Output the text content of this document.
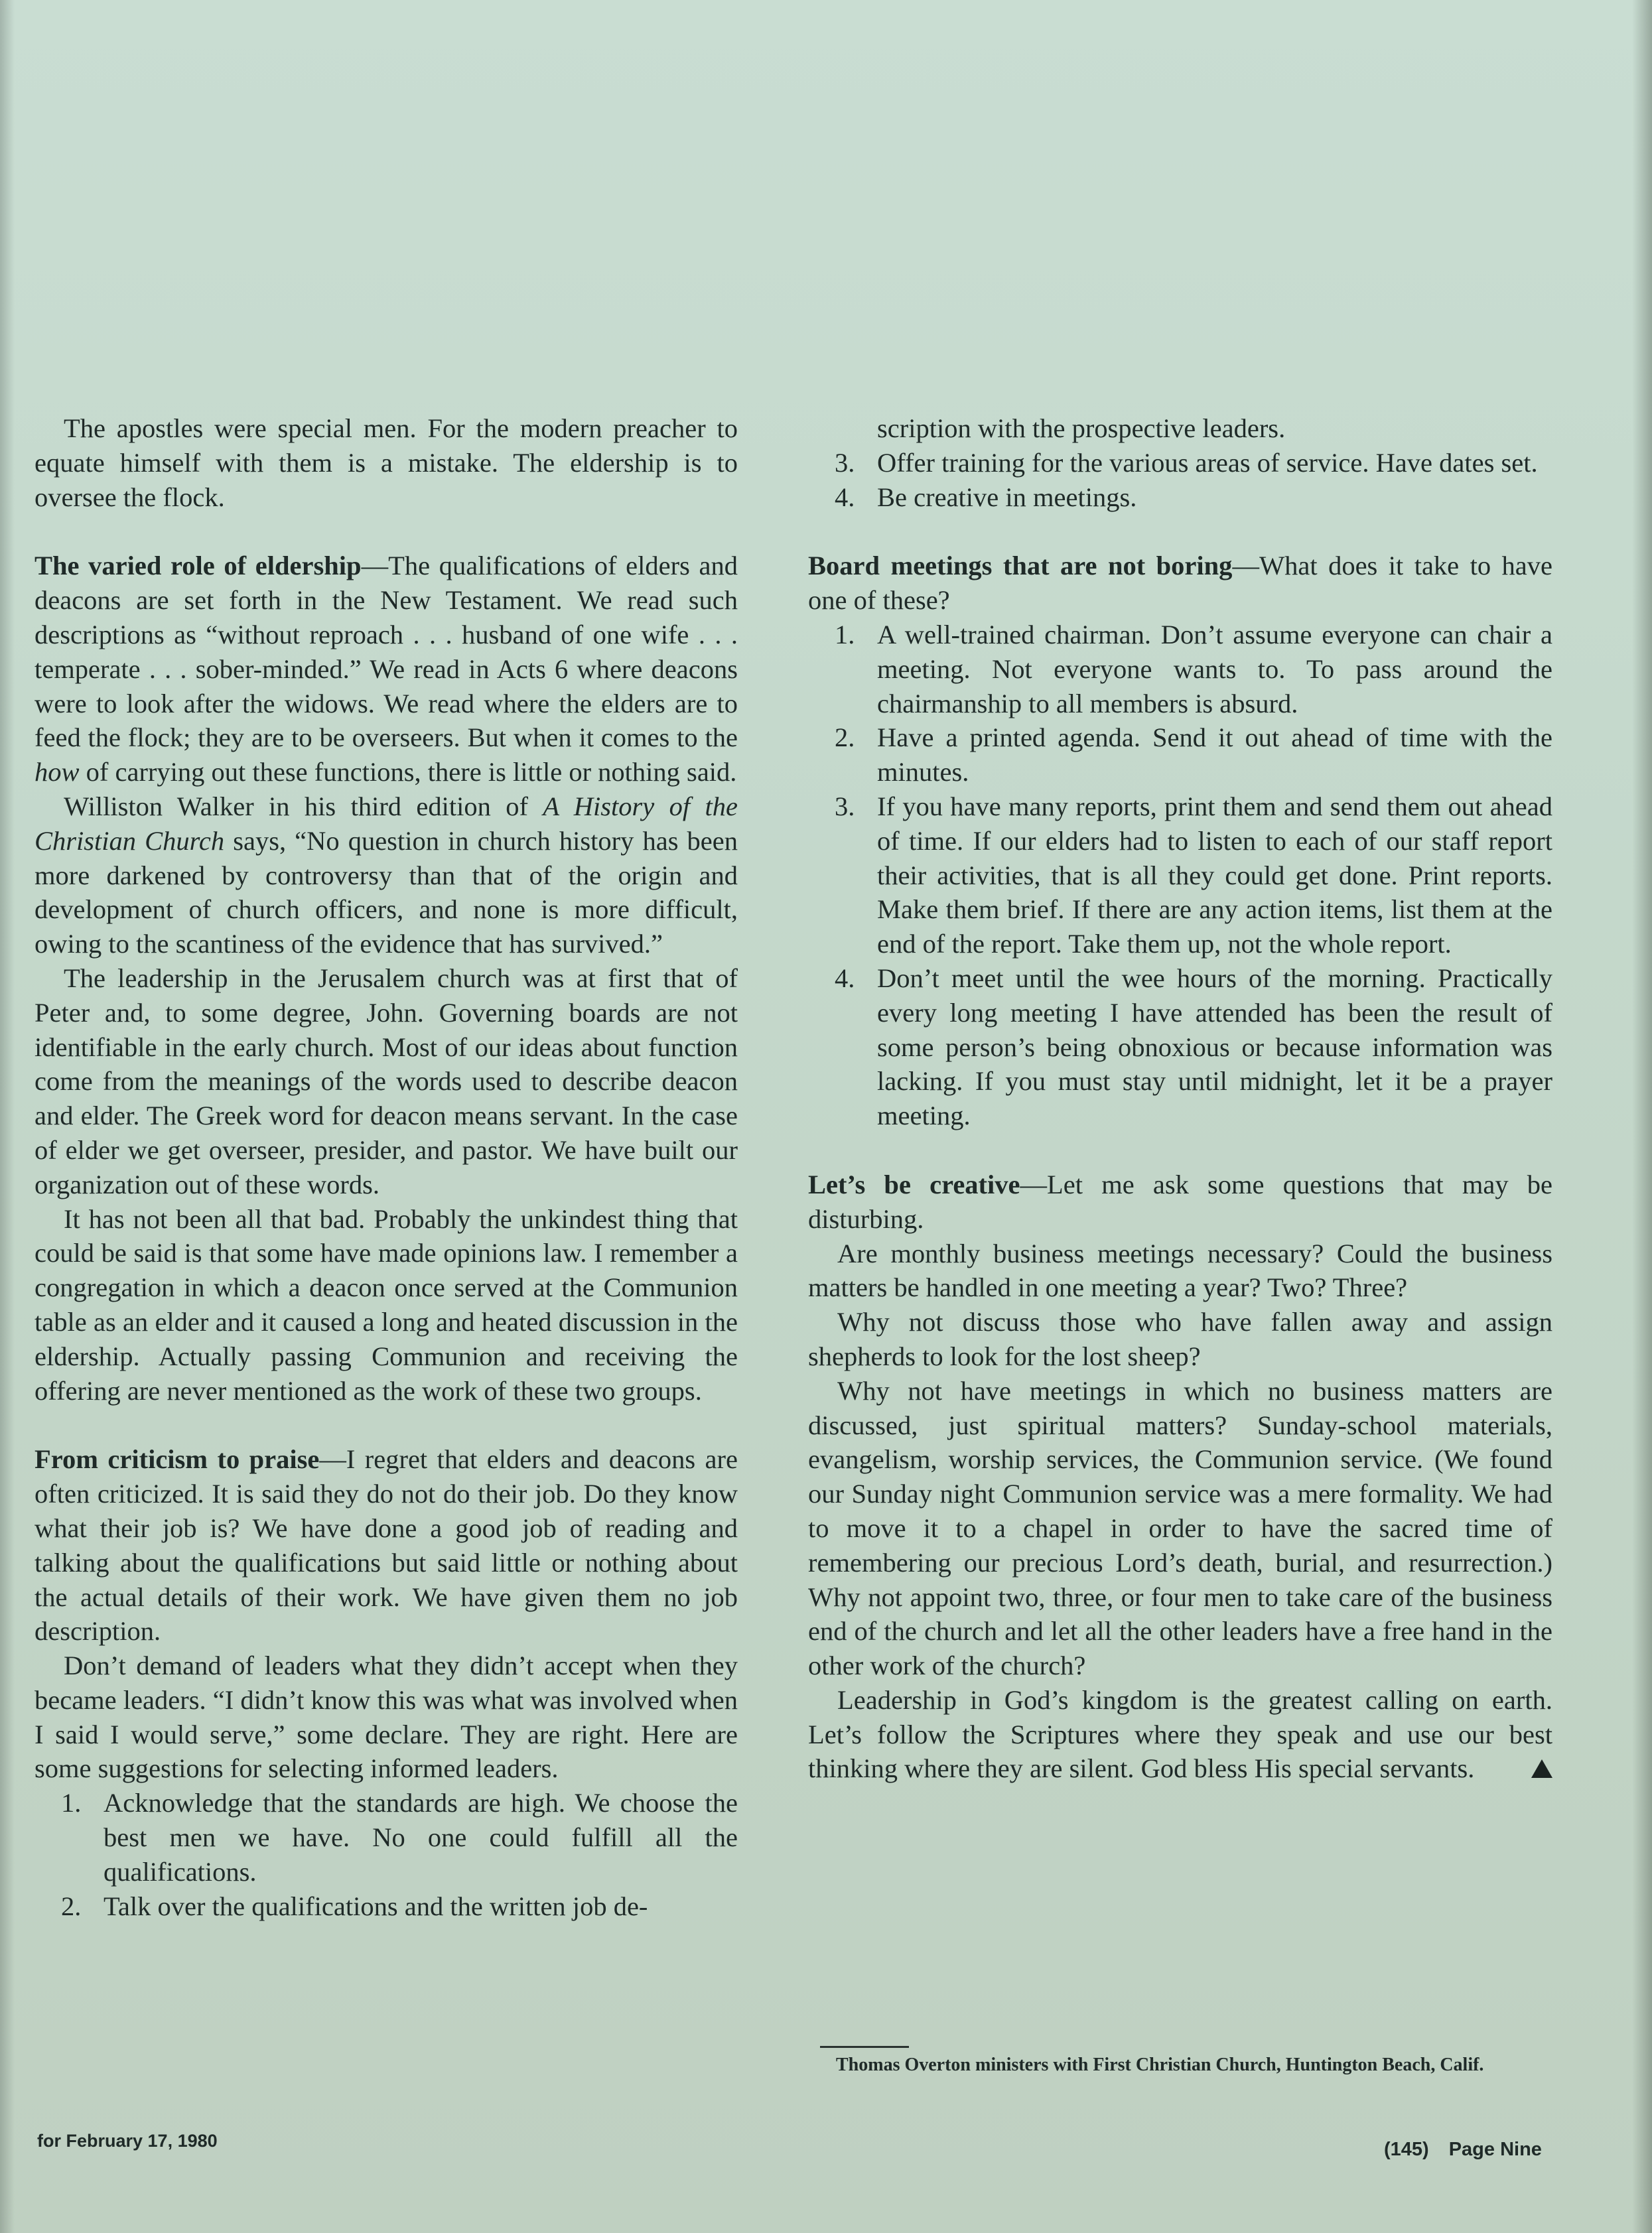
The apostles were special men. For the modern preacher to equate himself with them is a mistake. The eldership is to oversee the flock.

The varied role of eldership—The qualifications of elders and deacons are set forth in the New Testament. We read such descriptions as “without reproach . . . husband of one wife . . . temperate . . . sober-minded.” We read in Acts 6 where deacons were to look after the widows. We read where the elders are to feed the flock; they are to be overseers. But when it comes to the how of carrying out these functions, there is little or nothing said.

Williston Walker in his third edition of A History of the Christian Church says, “No question in church history has been more darkened by controversy than that of the origin and development of church officers, and none is more difficult, owing to the scantiness of the evidence that has survived.”

The leadership in the Jerusalem church was at first that of Peter and, to some degree, John. Governing boards are not identifiable in the early church. Most of our ideas about function come from the meanings of the words used to describe deacon and elder. The Greek word for deacon means servant. In the case of elder we get overseer, presider, and pastor. We have built our organization out of these words.

It has not been all that bad. Probably the unkindest thing that could be said is that some have made opinions law. I remember a congregation in which a deacon once served at the Communion table as an elder and it caused a long and heated discussion in the eldership. Actually passing Communion and receiving the offering are never mentioned as the work of these two groups.

From criticism to praise—I regret that elders and deacons are often criticized. It is said they do not do their job. Do they know what their job is? We have done a good job of reading and talking about the qualifications but said little or nothing about the actual details of their work. We have given them no job description.

Don’t demand of leaders what they didn’t accept when they became leaders. “I didn’t know this was what was involved when I said I would serve,” some declare. They are right. Here are some suggestions for selecting informed leaders.

1. Acknowledge that the standards are high. We choose the best men we have. No one could fulfill all the qualifications.
2. Talk over the qualifications and the written job de-

scription with the prospective leaders.

3. Offer training for the various areas of service. Have dates set.
4. Be creative in meetings.

Board meetings that are not boring—What does it take to have one of these?

1. A well-trained chairman. Don’t assume everyone can chair a meeting. Not everyone wants to. To pass around the chairmanship to all members is absurd.
2. Have a printed agenda. Send it out ahead of time with the minutes.
3. If you have many reports, print them and send them out ahead of time. If our elders had to listen to each of our staff report their activities, that is all they could get done. Print reports. Make them brief. If there are any action items, list them at the end of the report. Take them up, not the whole report.
4. Don’t meet until the wee hours of the morning. Practically every long meeting I have attended has been the result of some person’s being obnoxious or because information was lacking. If you must stay until midnight, let it be a prayer meeting.

Let’s be creative—Let me ask some questions that may be disturbing.

Are monthly business meetings necessary? Could the business matters be handled in one meeting a year? Two? Three?

Why not discuss those who have fallen away and assign shepherds to look for the lost sheep?

Why not have meetings in which no business matters are discussed, just spiritual matters? Sunday-school materials, evangelism, worship services, the Communion service. (We found our Sunday night Communion service was a mere formality. We had to move it to a chapel in order to have the sacred time of remembering our precious Lord’s death, burial, and resurrection.) Why not appoint two, three, or four men to take care of the business end of the church and let all the other leaders have a free hand in the other work of the church?

Leadership in God’s kingdom is the greatest calling on earth. Let’s follow the Scriptures where they speak and use our best thinking where they are silent. God bless His special servants.

Thomas Overton ministers with First Christian Church, Huntington Beach, Calif.
for February 17, 1980	(145) Page Nine
